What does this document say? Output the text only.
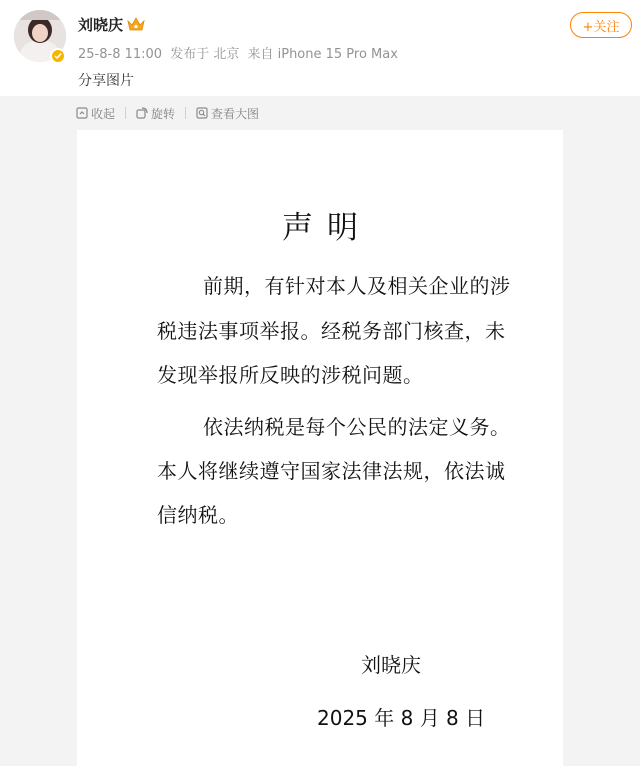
刘晓庆
25-8-8 11:00 发布于 北京 来自 iPhone 15 Pro Max
+关注
分享图片
收起	旋转	查看大图
声明
前期，有针对本人及相关企业的涉
税违法事项举报。经税务部门核查，未
发现举报所反映的涉税问题。
依法纳税是每个公民的法定义务。
本人将继续遵守国家法律法规，依法诚
信纳税。
刘晓庆
2025 年 8 月 8 日
